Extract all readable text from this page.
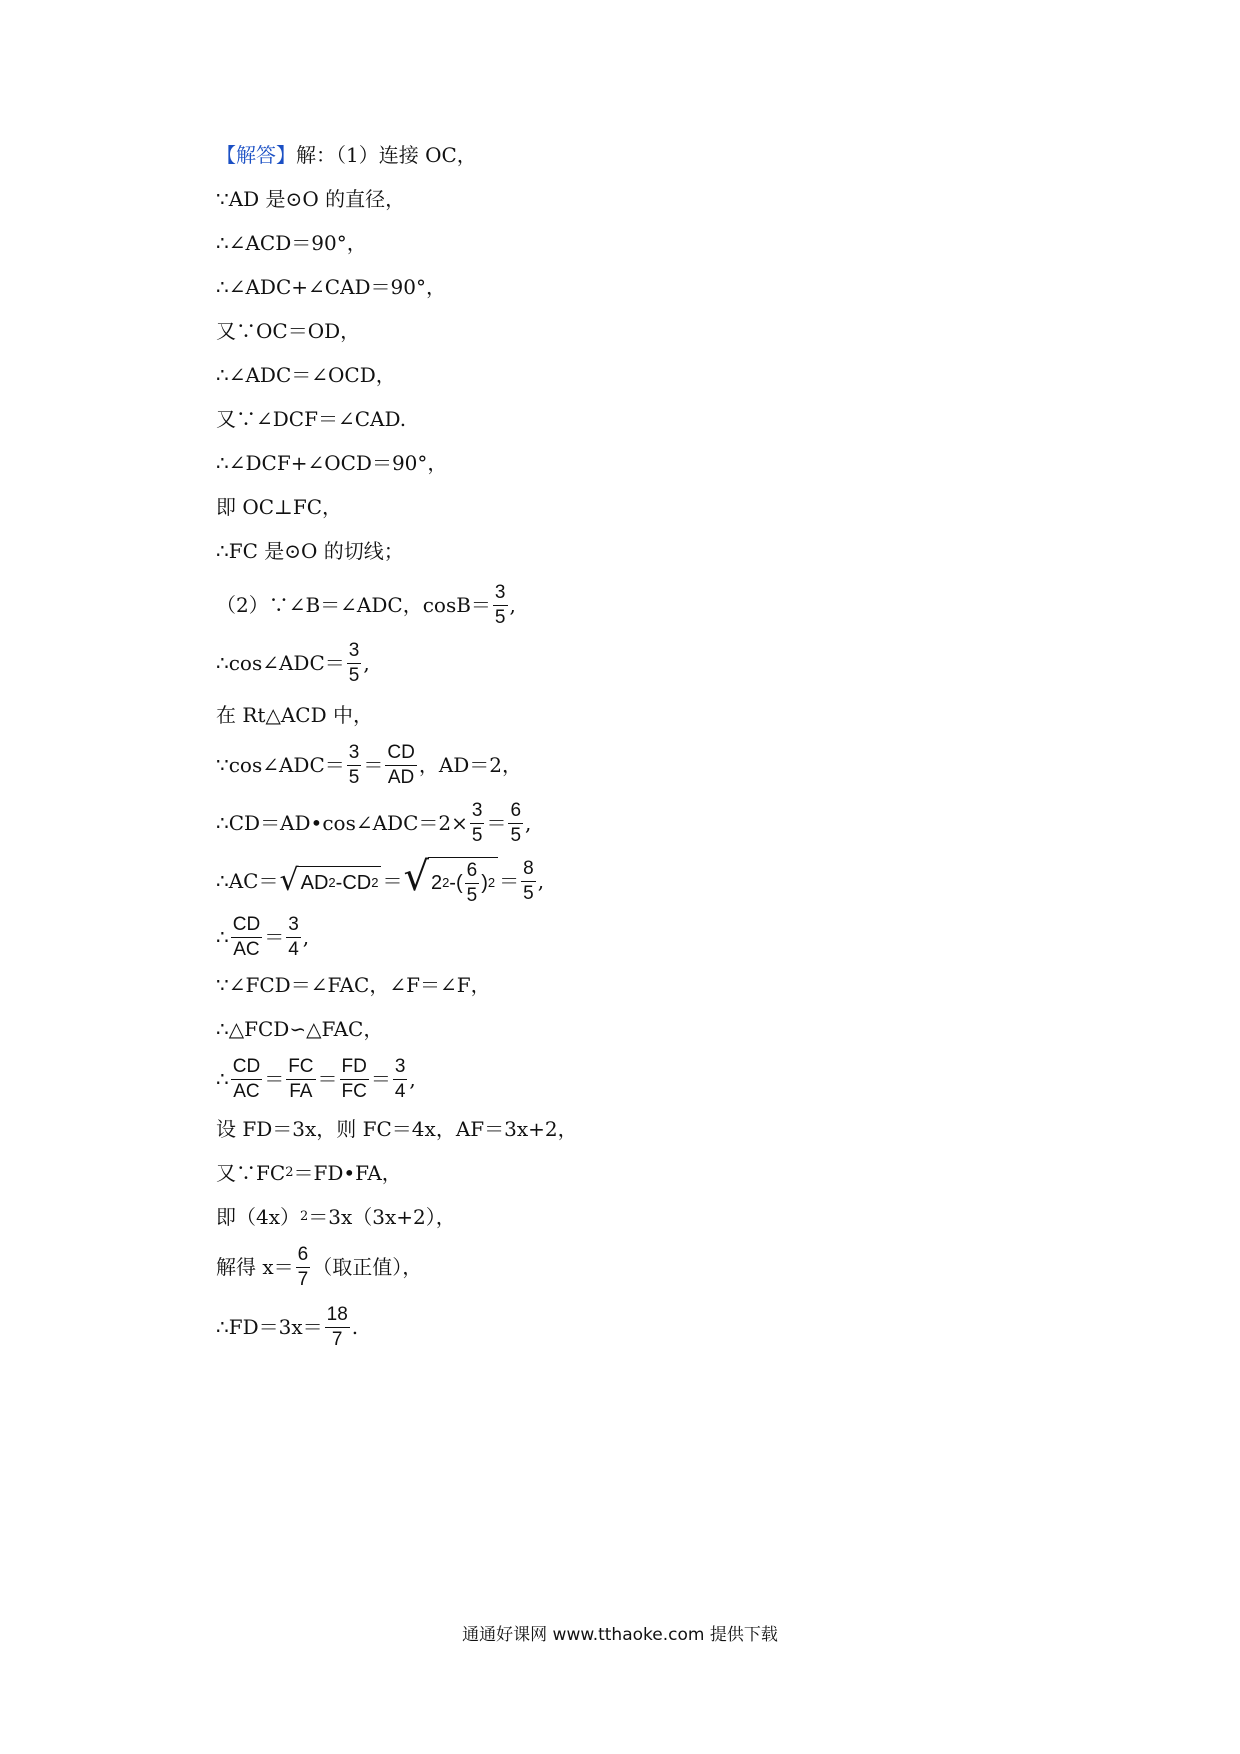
【解答】 解：（1）连接 OC，
∵AD 是⊙O 的直径，
∴∠ACD＝90°，
∴∠ADC+∠CAD＝90°，
又∵OC＝OD，
∴∠ADC＝∠OCD，
又∵∠DCF＝∠CAD.
∴∠DCF+∠OCD＝90°，
即 OC⊥FC，
∴FC 是⊙O 的切线；
（2）∵∠B＝∠ADC，$\cos B= \frac{3}{5}$ ,
∴cos∠ADC＝ $\frac{3}{5}$ ,
在 Rt△ACD 中，
∵cos∠ADC＝ $\frac{3}{5} = \frac{CD}{AD}$ ， AD＝2，
∴CD＝AD•cos∠ADC＝2× $\frac{3}{5} = \frac{6}{5}$ ,
∴AC＝ √ AD 2 - CD 2 ＝ √ 2 2 - ( $\frac{6}{5}$ ) $2 = \frac{8}{5}$ ,
∴ $\frac{CD}{AC} = \frac{3}{4}$ ,
∵∠FCD＝∠FAC，∠F＝∠F，
∴△FCD∽△FAC，
∴ $\frac{CD}{AC} = \frac{FC}{FA} = \frac{FD}{FC} = \frac{3}{4}$ ,
设 FD＝3x，则 FC＝4x，AF＝3x+2，
又∵FC 2 ＝FD•FA，
即（4x） 2 ＝3x（3x+2），
解得 $x= \frac{6}{7}$ （取正值），
∴FD＝3x＝ $\frac{18}{7}$ .
通通好课网 www.tthaoke.com 提供下载
